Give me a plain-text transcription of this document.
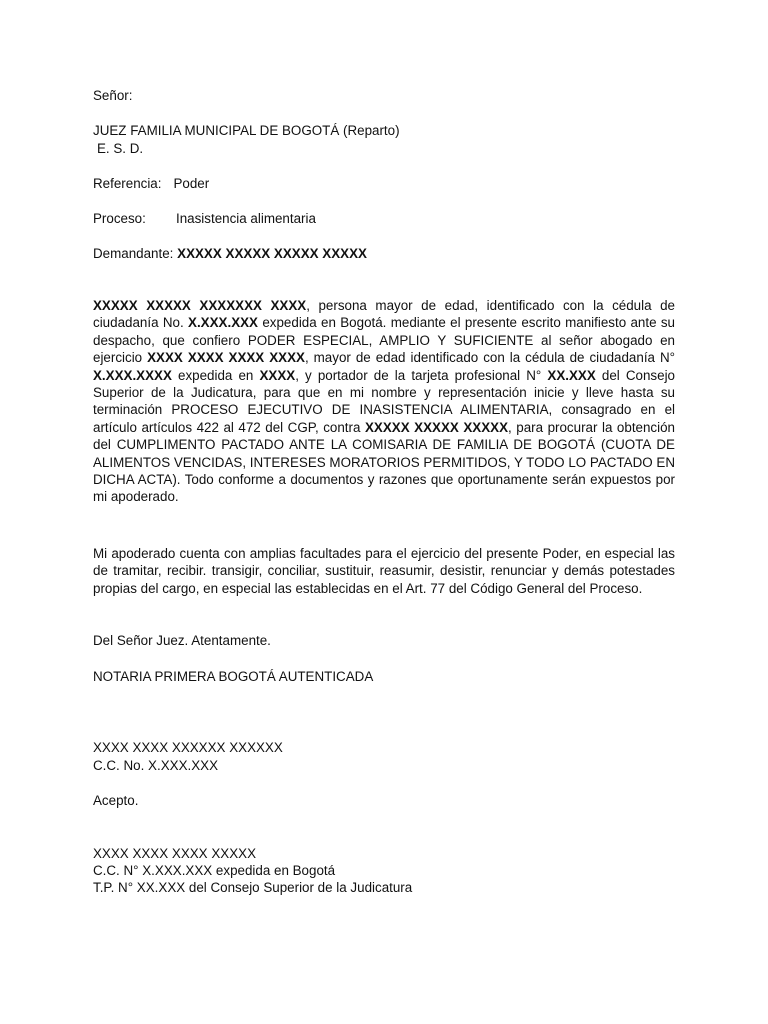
Señor:
JUEZ FAMILIA MUNICIPAL DE BOGOTÁ (Reparto)
E. S. D.
Referencia: Poder
Proceso: Inasistencia alimentaria
Demandante: XXXXX XXXXX XXXXX XXXXX

XXXXX XXXXX XXXXXXX XXXX, persona mayor de edad, identificado con la cédula de ciudadanía No. X.XXX.XXX expedida en Bogotá. mediante el presente escrito manifiesto ante su despacho, que confiero PODER ESPECIAL, AMPLIO Y SUFICIENTE al señor abogado en ejercicio XXXX XXXX XXXX XXXX, mayor de edad identificado con la cédula de ciudadanía N° X.XXX.XXXX expedida en XXXX, y portador de la tarjeta profesional N° XX.XXX del Consejo Superior de la Judicatura, para que en mi nombre y representación inicie y lleve hasta su terminación PROCESO EJECUTIVO DE INASISTENCIA ALIMENTARIA, consagrado en el artículo artículos 422 al 472 del CGP, contra XXXXX XXXXX XXXXX, para procurar la obtención del CUMPLIMENTO PACTADO ANTE LA COMISARIA DE FAMILIA DE BOGOTÁ (CUOTA DE ALIMENTOS VENCIDAS, INTERESES MORATORIOS PERMITIDOS, Y TODO LO PACTADO EN DICHA ACTA). Todo conforme a documentos y razones que oportunamente serán expuestos por mi apoderado.

Mi apoderado cuenta con amplias facultades para el ejercicio del presente Poder, en especial las de tramitar, recibir. transigir, conciliar, sustituir, reasumir, desistir, renunciar y demás potestades propias del cargo, en especial las establecidas en el Art. 77 del Código General del Proceso.

Del Señor Juez. Atentamente.
NOTARIA PRIMERA BOGOTÁ AUTENTICADA
XXXX XXXX XXXXXX XXXXXX
C.C. No. X.XXX.XXX
Acepto.
XXXX XXXX XXXX XXXXX
C.C. N° X.XXX.XXX expedida en Bogotá
T.P. N° XX.XXX del Consejo Superior de la Judicatura
